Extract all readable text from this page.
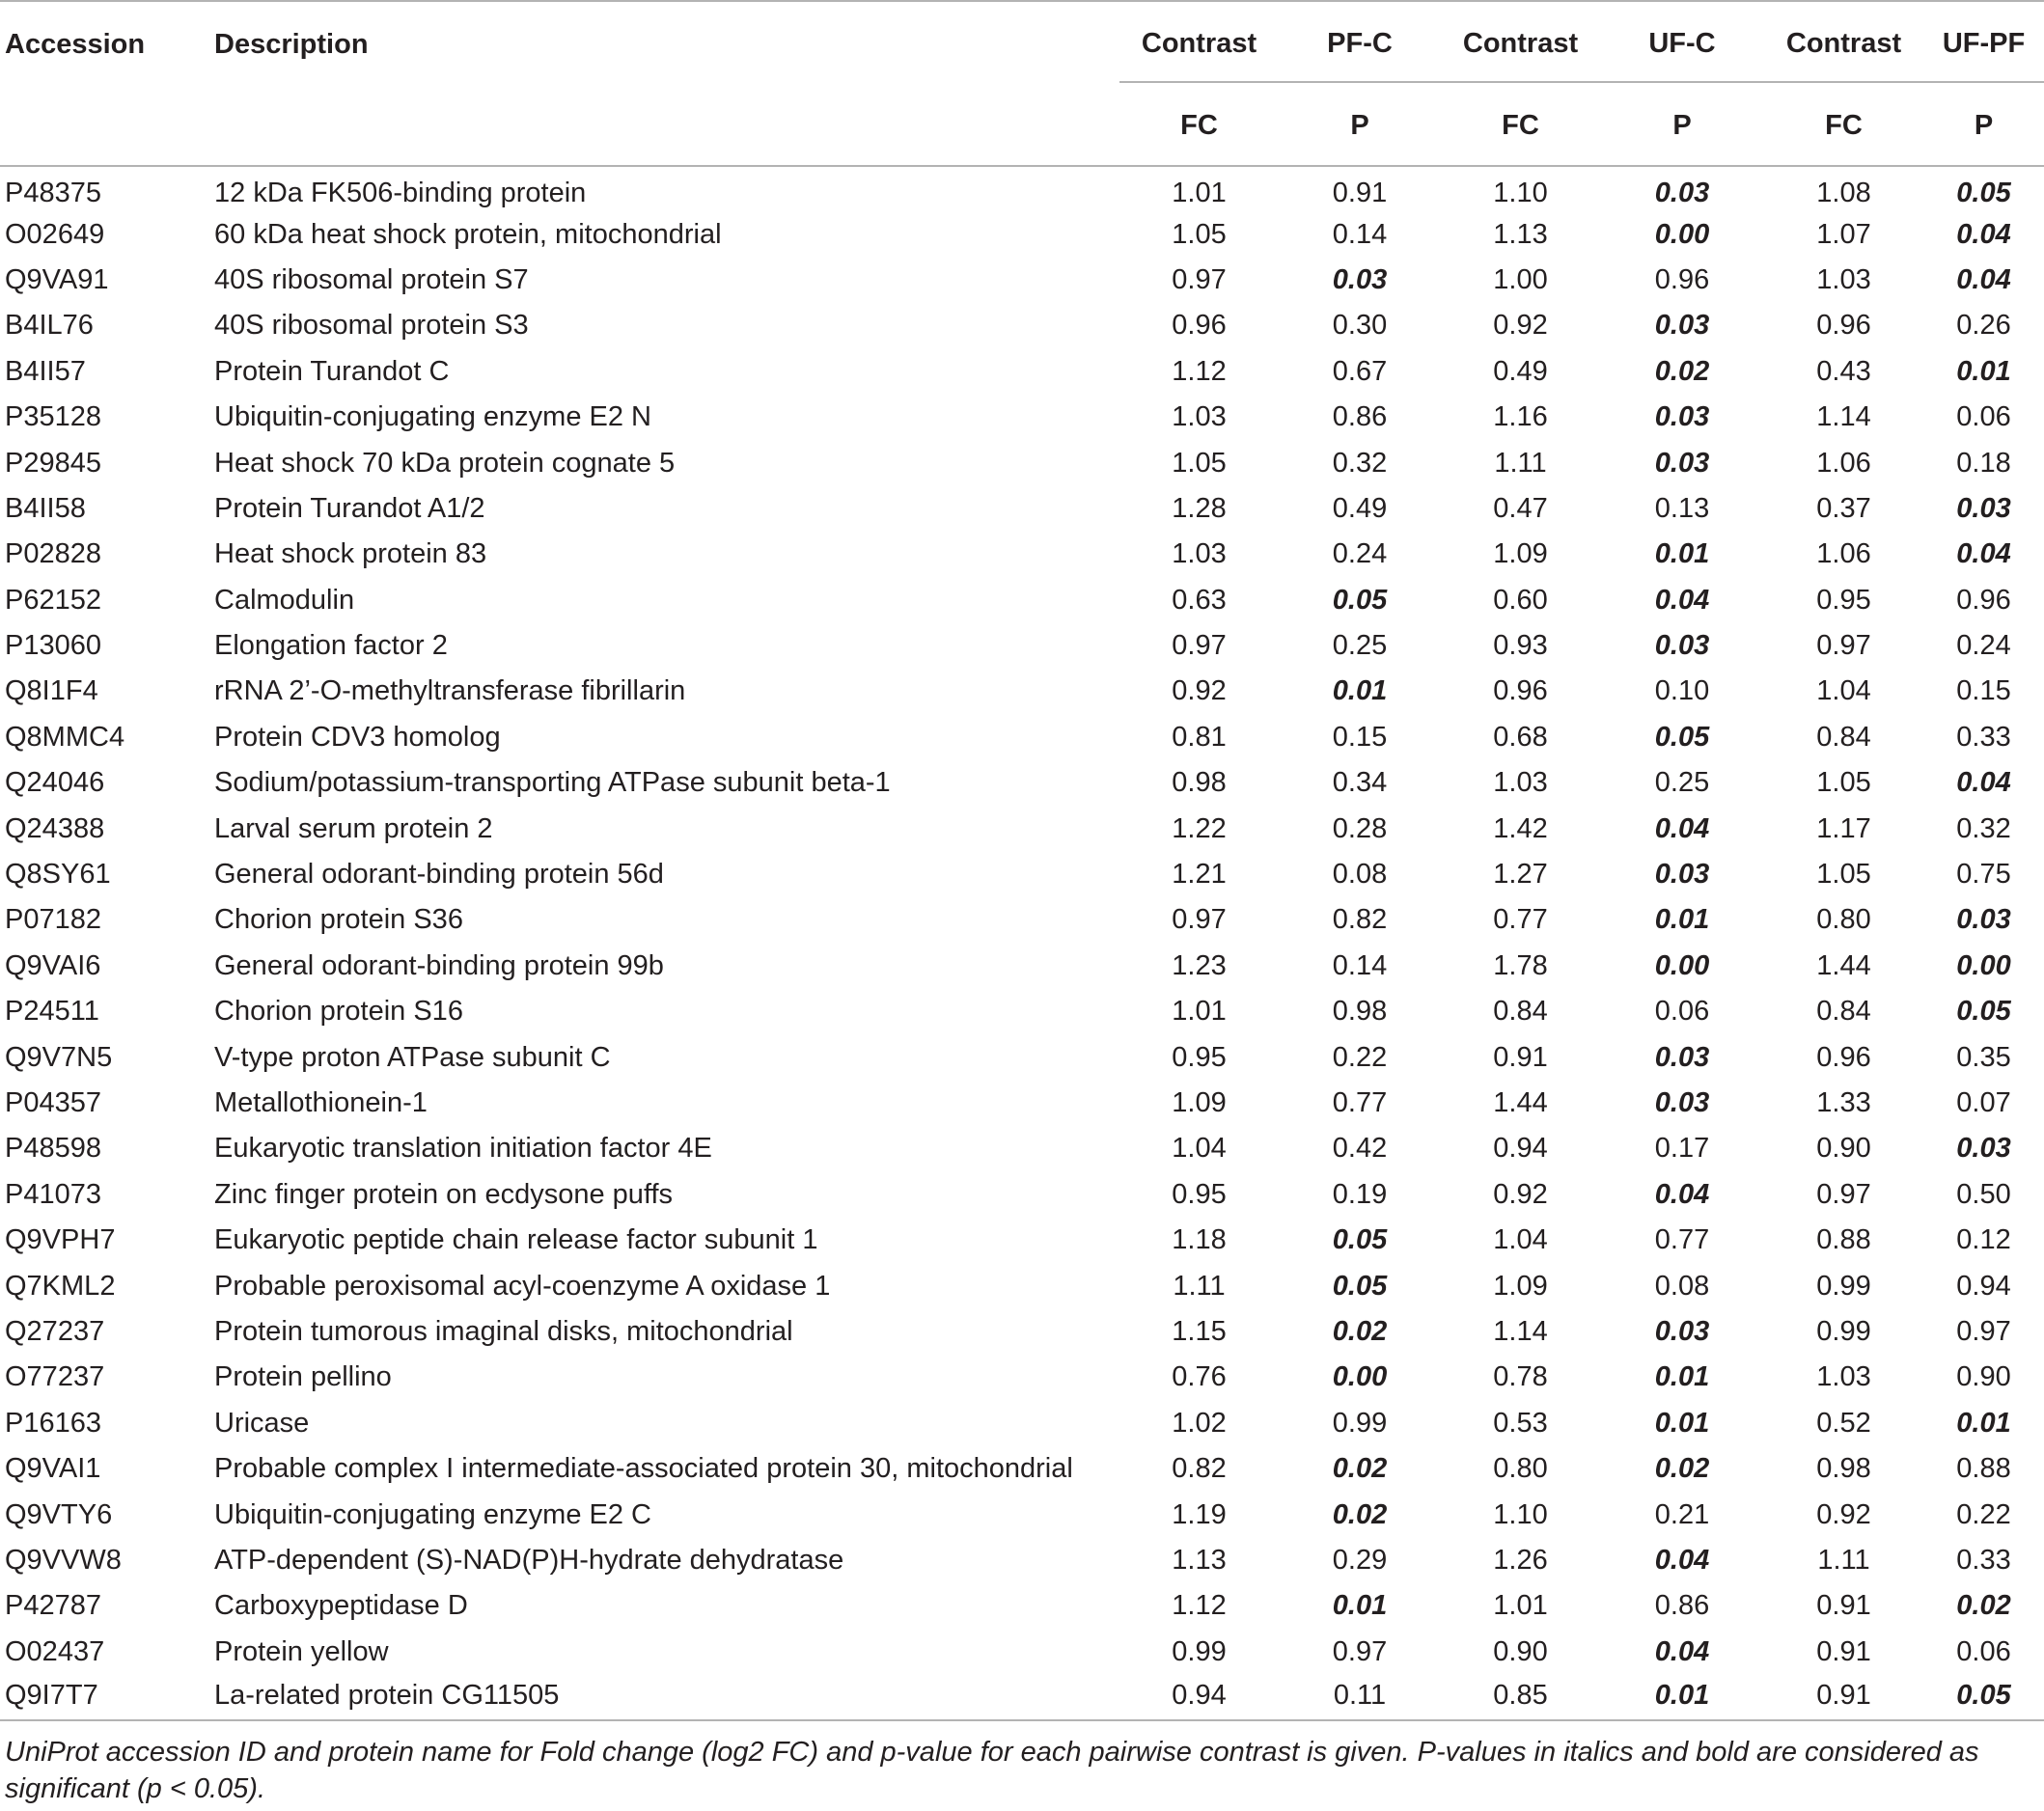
Accession	Description	Contrast	PF-C	Contrast	UF-C	Contrast	UF-PF
		FC	P	FC	P	FC	P
P48375	12 kDa FK506-binding protein	1.01	0.91	1.10	0.03	1.08	0.05
O02649	60 kDa heat shock protein, mitochondrial	1.05	0.14	1.13	0.00	1.07	0.04
Q9VA91	40S ribosomal protein S7	0.97	0.03	1.00	0.96	1.03	0.04
B4IL76	40S ribosomal protein S3	0.96	0.30	0.92	0.03	0.96	0.26
B4II57	Protein Turandot C	1.12	0.67	0.49	0.02	0.43	0.01
P35128	Ubiquitin-conjugating enzyme E2 N	1.03	0.86	1.16	0.03	1.14	0.06
P29845	Heat shock 70 kDa protein cognate 5	1.05	0.32	1.11	0.03	1.06	0.18
B4II58	Protein Turandot A1/2	1.28	0.49	0.47	0.13	0.37	0.03
P02828	Heat shock protein 83	1.03	0.24	1.09	0.01	1.06	0.04
P62152	Calmodulin	0.63	0.05	0.60	0.04	0.95	0.96
P13060	Elongation factor 2	0.97	0.25	0.93	0.03	0.97	0.24
Q8I1F4	rRNA 2’-O-methyltransferase fibrillarin	0.92	0.01	0.96	0.10	1.04	0.15
Q8MMC4	Protein CDV3 homolog	0.81	0.15	0.68	0.05	0.84	0.33
Q24046	Sodium/potassium-transporting ATPase subunit beta-1	0.98	0.34	1.03	0.25	1.05	0.04
Q24388	Larval serum protein 2	1.22	0.28	1.42	0.04	1.17	0.32
Q8SY61	General odorant-binding protein 56d	1.21	0.08	1.27	0.03	1.05	0.75
P07182	Chorion protein S36	0.97	0.82	0.77	0.01	0.80	0.03
Q9VAI6	General odorant-binding protein 99b	1.23	0.14	1.78	0.00	1.44	0.00
P24511	Chorion protein S16	1.01	0.98	0.84	0.06	0.84	0.05
Q9V7N5	V-type proton ATPase subunit C	0.95	0.22	0.91	0.03	0.96	0.35
P04357	Metallothionein-1	1.09	0.77	1.44	0.03	1.33	0.07
P48598	Eukaryotic translation initiation factor 4E	1.04	0.42	0.94	0.17	0.90	0.03
P41073	Zinc finger protein on ecdysone puffs	0.95	0.19	0.92	0.04	0.97	0.50
Q9VPH7	Eukaryotic peptide chain release factor subunit 1	1.18	0.05	1.04	0.77	0.88	0.12
Q7KML2	Probable peroxisomal acyl-coenzyme A oxidase 1	1.11	0.05	1.09	0.08	0.99	0.94
Q27237	Protein tumorous imaginal disks, mitochondrial	1.15	0.02	1.14	0.03	0.99	0.97
O77237	Protein pellino	0.76	0.00	0.78	0.01	1.03	0.90
P16163	Uricase	1.02	0.99	0.53	0.01	0.52	0.01
Q9VAI1	Probable complex I intermediate-associated protein 30, mitochondrial	0.82	0.02	0.80	0.02	0.98	0.88
Q9VTY6	Ubiquitin-conjugating enzyme E2 C	1.19	0.02	1.10	0.21	0.92	0.22
Q9VVW8	ATP-dependent (S)-NAD(P)H-hydrate dehydratase	1.13	0.29	1.26	0.04	1.11	0.33
P42787	Carboxypeptidase D	1.12	0.01	1.01	0.86	0.91	0.02
O02437	Protein yellow	0.99	0.97	0.90	0.04	0.91	0.06
Q9I7T7	La-related protein CG11505	0.94	0.11	0.85	0.01	0.91	0.05
UniProt accession ID and protein name for Fold change (log2 FC) and p-value for each pairwise contrast is given. P-values in italics and bold are considered as significant (p < 0.05).
